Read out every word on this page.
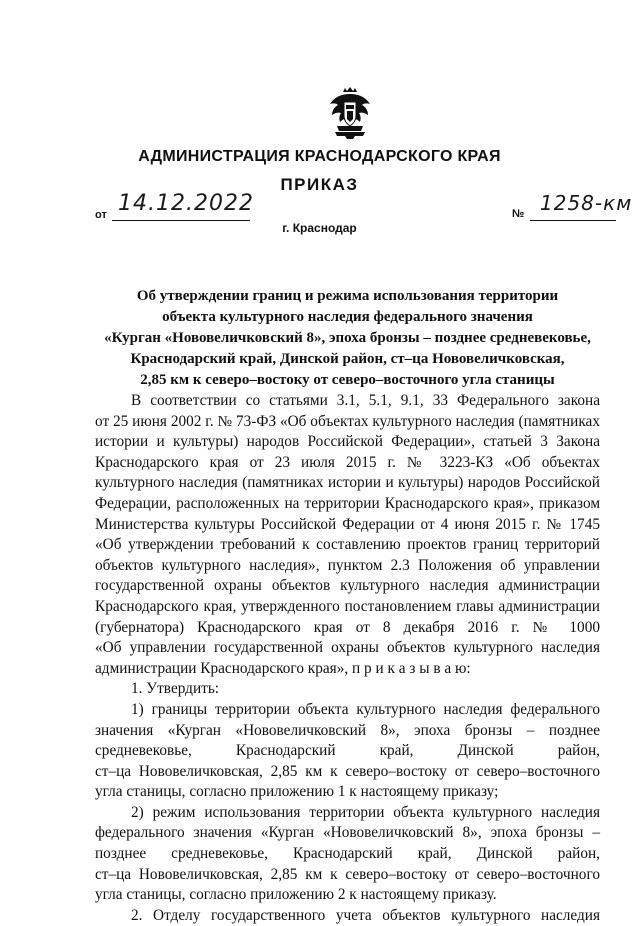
АДМИНИСТРАЦИЯ КРАСНОДАРСКОГО КРАЯ
ПРИКАЗ
от 14.12.2022	№ 1258-км
г. Краснодар
Об утверждении границ и режима использования территории
объекта культурного наследия федерального значения
«Курган «Нововеличковский 8», эпоха бронзы – позднее средневековье,
Краснодарский край, Динской район, ст–ца Нововеличковская,
2,85 км к северо–востоку от северо–восточного угла станицы

В соответствии со статьями 3.1, 5.1, 9.1, 33 Федерального закона
от 25 июня 2002 г. № 73-ФЗ «Об объектах культурного наследия (памятниках
истории и культуры) народов Российской Федерации», статьей 3 Закона
Краснодарского края от 23 июля 2015 г. № 3223-КЗ «Об объектах
культурного наследия (памятниках истории и культуры) народов Российской
Федерации, расположенных на территории Краснодарского края», приказом
Министерства культуры Российской Федерации от 4 июня 2015 г. № 1745
«Об утверждении требований к составлению проектов границ территорий
объектов культурного наследия», пунктом 2.3 Положения об управлении
государственной охраны объектов культурного наследия администрации
Краснодарского края, утвержденного постановлением главы администрации
(губернатора) Краснодарского края от 8 декабря 2016 г. № 1000
«Об управлении государственной охраны объектов культурного наследия
администрации Краснодарского края», п р и к а з ы в а ю:

1. Утвердить:

1) границы территории объекта культурного наследия федерального
значения «Курган «Нововеличковский 8», эпоха бронзы – позднее
средневековье, Краснодарский край, Динской район,
ст–ца Нововеличковская, 2,85 км к северо–востоку от северо–восточного
угла станицы, согласно приложению 1 к настоящему приказу;

2) режим использования территории объекта культурного наследия
федерального значения «Курган «Нововеличковский 8», эпоха бронзы –
позднее средневековье, Краснодарский край, Динской район,
ст–ца Нововеличковская, 2,85 км к северо–востоку от северо–восточного
угла станицы, согласно приложению 2 к настоящему приказу.

2. Отделу государственного учета объектов культурного наследия
